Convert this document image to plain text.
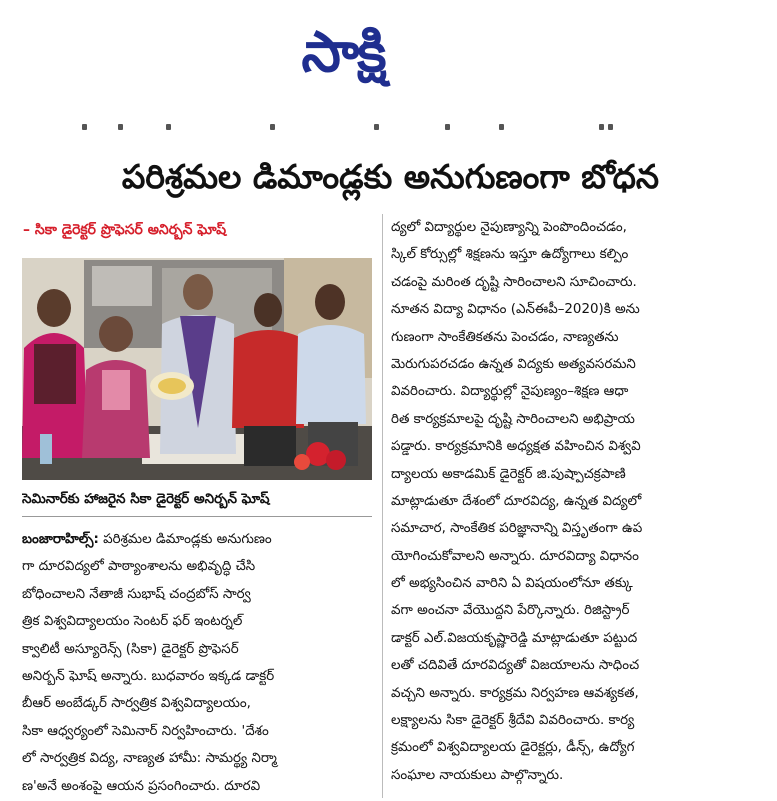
సాక్షి
పరిశ్రమల డిమాండ్లకు అనుగుణంగా బోధన
– సికా డైరెక్టర్ ప్రొఫెసర్ అనిర్బన్ ఘోష్
సెమినార్‌కు హాజరైన సికా డైరెక్టర్ అనిర్బన్ ఘోష్
బంజారాహిల్స్: పరిశ్రమల డిమాండ్లకు అనుగుణం
గా దూరవిద్యలో పాఠ్యాంశాలను అభివృద్ధి చేసి
బోధించాలని నేతాజీ సుభాష్ చంద్రబోస్ సార్వ
త్రిక విశ్వవిద్యాలయం సెంటర్ ఫర్ ఇంటర్నల్
క్వాలిటీ అస్యూరెన్స్ (సికా) డైరెక్టర్ ప్రొఫెసర్
అనిర్బన్ ఘోష్ అన్నారు. బుధవారం ఇక్కడ డాక్టర్
బీఆర్ అంబేడ్కర్ సార్వత్రిక విశ్వవిద్యాలయం,
సికా ఆధ్వర్యంలో సెమినార్ నిర్వహించారు. 'దేశం
లో సార్వత్రిక విద్య, నాణ్యత హామీ: సామర్థ్య నిర్మా
ణ'అనే అంశంపై ఆయన ప్రసంగించారు. దూరవి
ద్యలో విద్యార్థుల నైపుణ్యాన్ని పెంపొందించడం,
స్కిల్ కోర్సుల్లో శిక్షణను ఇస్తూ ఉద్యోగాలు కల్పిం
చడంపై మరింత దృష్టి సారించాలని సూచించారు.
నూతన విద్యా విధానం (ఎన్ఈపీ–2020)కి అను
గుణంగా సాంకేతికతను పెంచడం, నాణ్యతను
మెరుగుపరచడం ఉన్నత విద్యకు అత్యవసరమని
వివరించారు. విద్యార్థుల్లో నైపుణ్యం–శిక్షణ ఆధా
రిత కార్యక్రమాలపై దృష్టి సారించాలని అభిప్రాయ
పడ్డారు. కార్యక్రమానికి అధ్యక్షత వహించిన విశ్వవి
ద్యాలయ అకాడమిక్ డైరెక్టర్ జి.పుష్పాచక్రపాణి
మాట్లాడుతూ దేశంలో దూరవిద్య, ఉన్నత విద్యలో
సమాచార, సాంకేతిక పరిజ్ఞానాన్ని విస్తృతంగా ఉప
యోగించుకోవాలని అన్నారు. దూరవిద్యా విధానం
లో అభ్యసించిన వారిని ఏ విషయంలోనూ తక్కు
వగా అంచనా వేయొద్దని పేర్కొన్నారు. రిజిస్ట్రార్
డాక్టర్ ఎల్.విజయకృష్ణారెడ్డి మాట్లాడుతూ పట్టుద
లతో చదివితే దూరవిద్యతో విజయాలను సాధించ
వచ్చని అన్నారు. కార్యక్రమ నిర్వహణ ఆవశ్యకత,
లక్ష్యాలను సికా డైరెక్టర్ శ్రీదేవి వివరించారు. కార్య
క్రమంలో విశ్వవిద్యాలయ డైరెక్టర్లు, డీన్స్, ఉద్యోగ
సంఘాల నాయకులు పాల్గొన్నారు.
